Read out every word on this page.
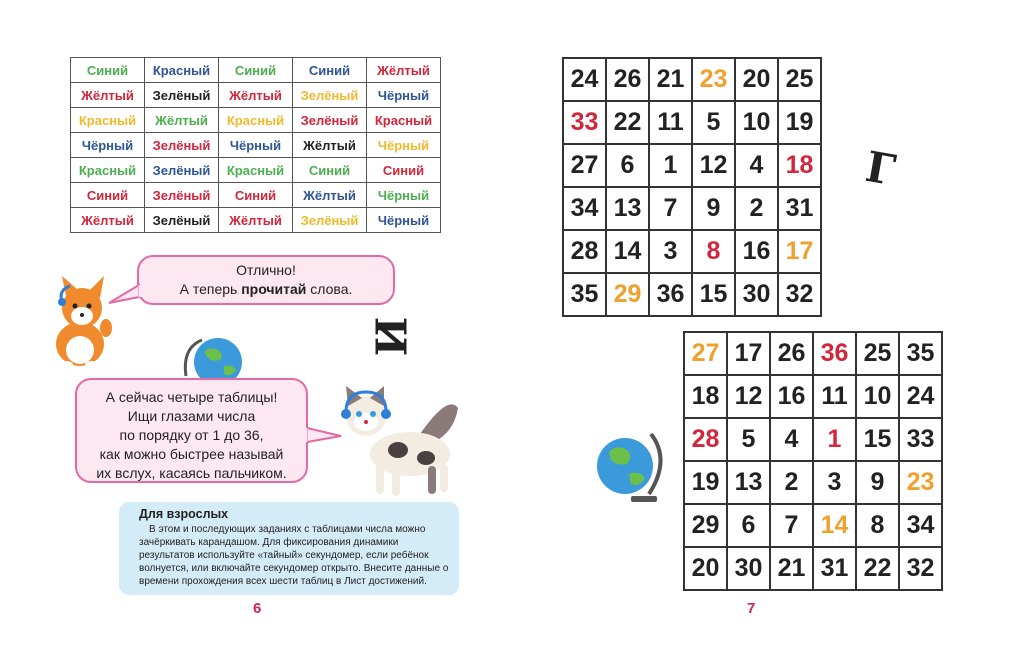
Синий	Красный	Синий	Синий	Жёлтый
Жёлтый	Зелёный	Жёлтый	Зелёный	Чёрный
Красный	Жёлтый	Красный	Зелёный	Красный
Чёрный	Зелёный	Чёрный	Жёлтый	Чёрный
Красный	Зелёный	Красный	Синий	Синий
Синий	Зелёный	Синий	Жёлтый	Чёрный
Жёлтый	Зелёный	Жёлтый	Зелёный	Чёрный
Отлично!
А теперь прочитай слова.
И
А сейчас четыре таблицы!
Ищи глазами числа
по порядку от 1 до 36,
как можно быстрее называй
их вслух, касаясь пальчиком.
Для взрослых
В этом и последующих заданиях с таблицами числа можно зачёркивать карандашом. Для фиксирования динамики результатов используйте «тайный» секундомер, если ребёнок волнуется, или включайте секундомер открыто. Внесите данные о времени прохождения всех шести таблиц в Лист достижений.
6
24 26 21 23 20 25
33 22 11 5 10 19
27 6	1 12 4 18
34 13 7	9	2 31
28 14 3	8 16 17
35 29 36 15 30 32
Г
27 17 26 36 25 35
18 12 16 11 10 24
28 5	4	1 15 33
19 13 2	3	9 23
29 6	7 14 8 34
20 30 21 31 22 32
7
